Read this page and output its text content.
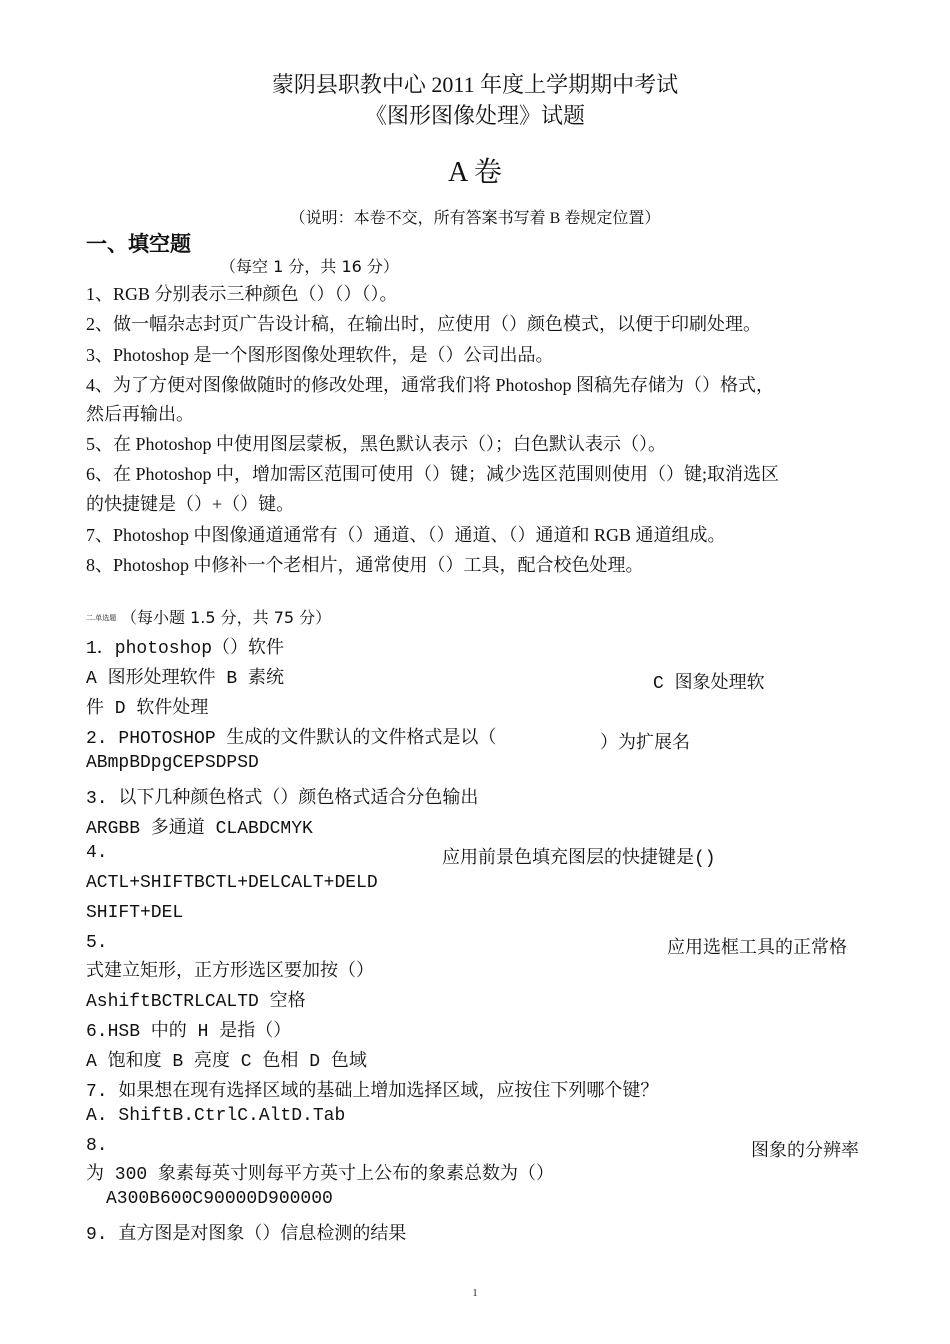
蒙阴县职教中心 2011 年度上学期期中考试
《图形图像处理》试题
A 卷
（说明：本卷不交，所有答案书写着 B 卷规定位置）
一、填空题
（每空 1 分，共 16 分）
1、RGB 分别表示三种颜色（）（）（）。
2、做一幅杂志封页广告设计稿，在输出时，应使用（）颜色模式，以便于印刷处理。
3、Photoshop 是一个图形图像处理软件，是（）公司出品。
4、为了方便对图像做随时的修改处理，通常我们将 Photoshop 图稿先存储为（）格式，
然后再输出。
5、在 Photoshop 中使用图层蒙板，黑色默认表示（）；白色默认表示（）。
6、在 Photoshop 中，增加需区范围可使用（）键；减少选区范围则使用（）键;取消选区
的快捷键是（）+（）键。
7、Photoshop 中图像通道通常有（）通道、（）通道、（）通道和 RGB 通道组成。
8、Photoshop 中修补一个老相片，通常使用（）工具，配合校色处理。
二.单选题 （每小题 1.5 分，共 75 分）
1．photoshop（）软件
A 图形处理软件 B 素统	C 图象处理软
件 D 软件处理
2. PHOTOSHOP 生成的文件默认的文件格式是以（	）为扩展名
ABmpBDpgCEPSDPSD
3. 以下几种颜色格式（）颜色格式适合分色输出
ARGBB 多通道 CLABDCMYK
4.	应用前景色填充图层的快捷键是()
ACTL+SHIFTBCTL+DELCALT+DELD
SHIFT+DEL
5.	应用选框工具的正常格
式建立矩形，正方形选区要加按（）
AshiftBCTRLCALTD 空格
6.HSB 中的 H 是指（）
A 饱和度 B 亮度 C 色相 D 色域
7. 如果想在现有选择区域的基础上增加选择区域，应按住下列哪个键？
A. ShiftB.CtrlC.AltD.Tab
8.	图象的分辨率
为 300 象素每英寸则每平方英寸上公布的象素总数为（）
A300B600C90000D900000
9. 直方图是对图象（）信息检测的结果
1
